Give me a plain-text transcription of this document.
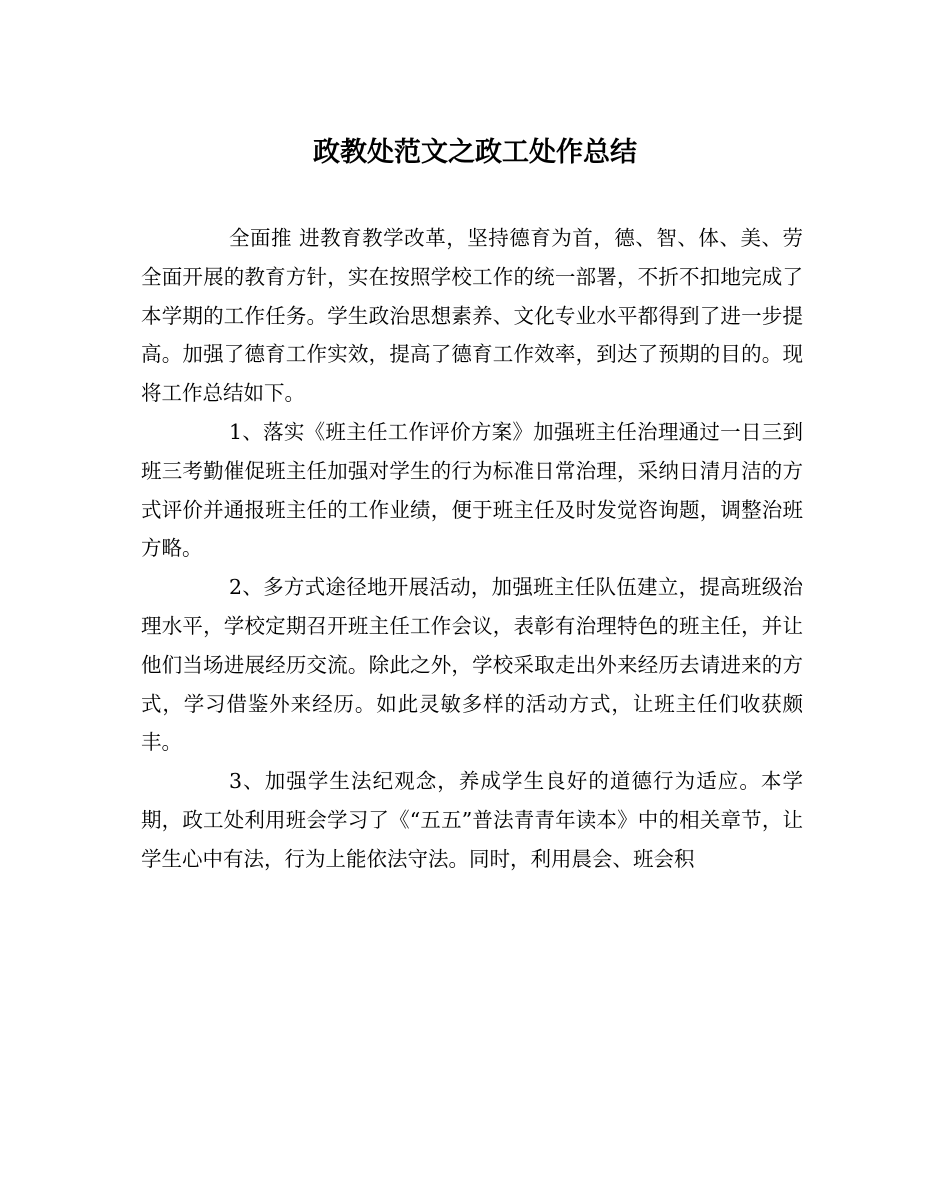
政教处范文之政工处作总结

全面推 进教育教学改革，坚持德育为首，德、智、体、美、劳全面开展的教育方针，实在按照学校工作的统一部署，不折不扣地完成了本学期的工作任务。学生政治思想素养、文化专业水平都得到了进一步提高。加强了德育工作实效，提高了德育工作效率，到达了预期的目的。现将工作总结如下。

1、落实《班主任工作评价方案》加强班主任治理通过一日三到班三考勤催促班主任加强对学生的行为标准日常治理，采纳日清月洁的方式评价并通报班主任的工作业绩，便于班主任及时发觉咨询题，调整治班方略。

2、多方式途径地开展活动，加强班主任队伍建立，提高班级治理水平，学校定期召开班主任工作会议，表彰有治理特色的班主任，并让他们当场进展经历交流。除此之外，学校采取走出外来经历去请进来的方式，学习借鉴外来经历。如此灵敏多样的活动方式，让班主任们收获颇丰。

3、加强学生法纪观念，养成学生良好的道德行为适应。本学期，政工处利用班会学习了《“五五”普法青青年读本》中的相关章节，让学生心中有法，行为上能依法守法。同时，利用晨会、班会积
